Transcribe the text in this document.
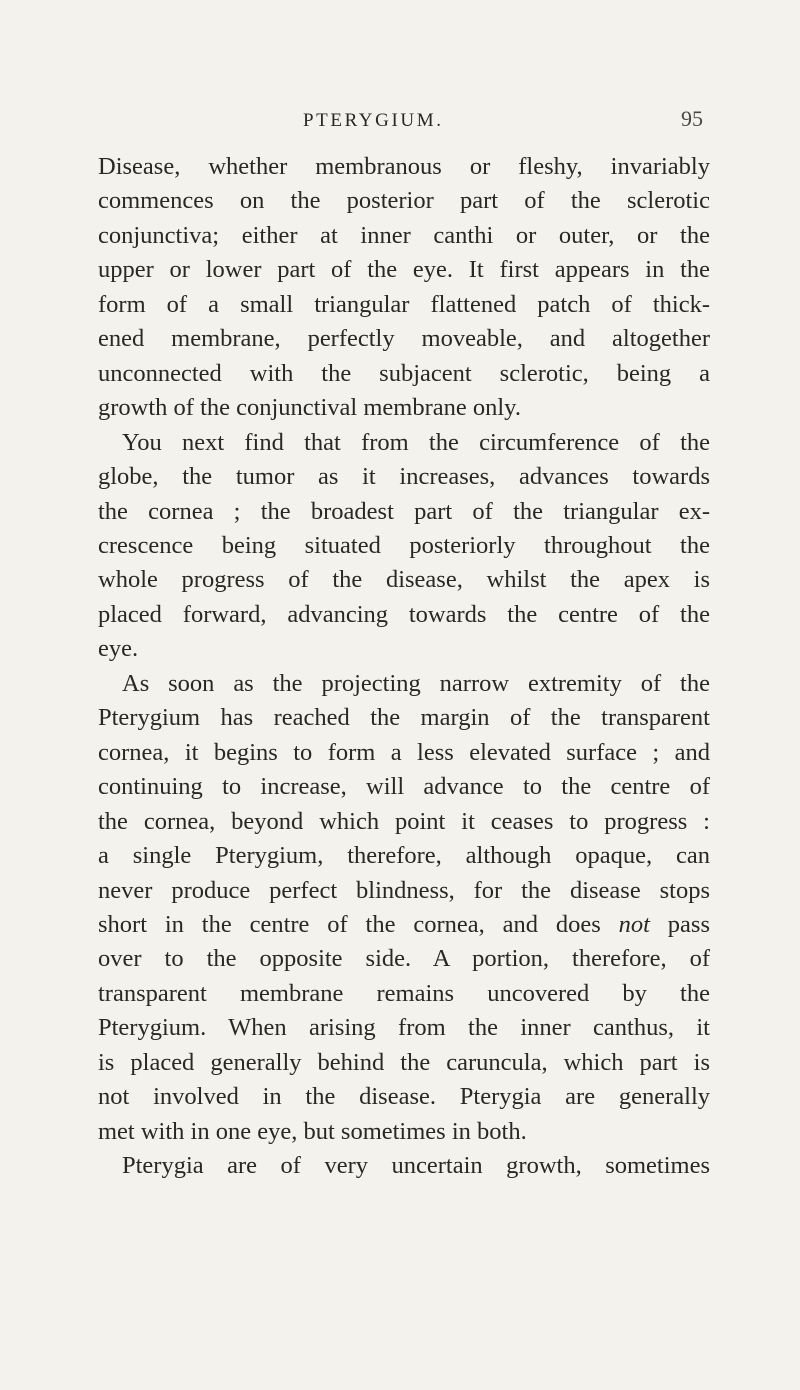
PTERYGIUM.	95
Disease, whether membranous or fleshy, invariably
commences on the posterior part of the sclerotic
conjunctiva; either at inner canthi or outer, or the
upper or lower part of the eye. It first appears in the
form of a small triangular flattened patch of thick-
ened membrane, perfectly moveable, and altogether
unconnected with the subjacent sclerotic, being a
growth of the conjunctival membrane only.
You next find that from the circumference of the
globe, the tumor as it increases, advances towards
the cornea ; the broadest part of the triangular ex-
crescence being situated posteriorly throughout the
whole progress of the disease, whilst the apex is
placed forward, advancing towards the centre of the
eye.
As soon as the projecting narrow extremity of the
Pterygium has reached the margin of the transparent
cornea, it begins to form a less elevated surface ; and
continuing to increase, will advance to the centre of
the cornea, beyond which point it ceases to progress :
a single Pterygium, therefore, although opaque, can
never produce perfect blindness, for the disease stops
short in the centre of the cornea, and does not pass
over to the opposite side. A portion, therefore, of
transparent membrane remains uncovered by the
Pterygium. When arising from the inner canthus, it
is placed generally behind the caruncula, which part is
not involved in the disease. Pterygia are generally
met with in one eye, but sometimes in both.
Pterygia are of very uncertain growth, sometimes
